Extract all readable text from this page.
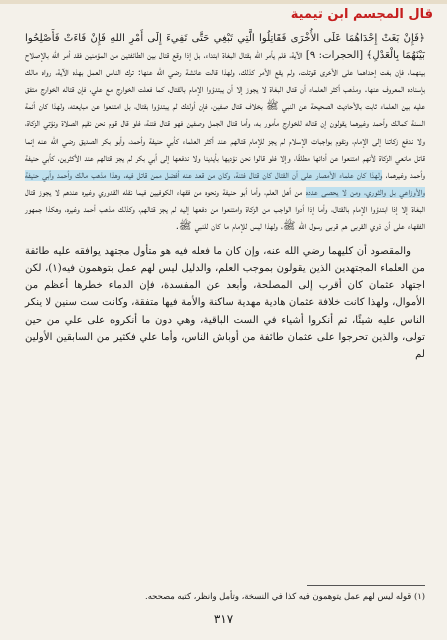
قال المجسم ابن تيمية

﴿فَإِنْ بَغَتْ إِحْدَاهُمَا عَلَى الأُخْرَى فَقَاتِلُوا الَّتِي تَبْغِي حَتَّى تَفِيءَ إِلَى أَمْرِ اللهِ فَإِنْ فَاءَتْ فَأَصْلِحُوا بَيْنَهُمَا بِالْعَدْلِ﴾ [الحجرات: ٩] الآية، فلم يأمر الله بقتال البغاة ابتداء، بل إذا وقع قتال بين الطائفتين من المؤمنين فقد أمر الله بالإصلاح بينهما، فإن بغت إحداهما على الأخرى قوتلت، ولم يقع الأمر كذلك، ولهذا قالت عائشة رضي الله عنها: ترك الناس العمل بهذه الآية، رواه مالك بإسناده المعروف عنها. ومذهب أكثر العلماء أن قتال البغاة لا يجوز إلا أن يبتدؤوا الإمام بالقتال، كما فعلت الخوارج مع علي، فإن قتاله الخوارج متفق عليه بين العلماء ثابت بالأحاديث الصحيحة عن النبي ﷺ بخلاف قتال صفين، فإن أولئك لم يبتدؤوا بقتال، بل امتنعوا عن مبايعته، ولهذا كان أئمة السنة كمالك وأحمد وغيرهما يقولون إن قتاله للخوارج مأمور به، وأما قتال الجمل وصفين فهو قتال فتنة، فلو قال قوم نحن نقيم الصلاة ونؤتي الزكاة، ولا ندفع زكاتنا إلى الإمام، ونقوم بواجبات الإسلام لم يجز للإمام قتالهم عند أكثر العلماء كأبي حنيفة وأحمد، وأبو بكر الصديق رضي الله عنه إنما قاتل مانعي الزكاة لأنهم امتنعوا عن أدائها مطلقًا، وإلا فلو قالوا نحن نؤديها بأيدينا ولا ندفعها إلى أبي بكر لم يجز قتالهم عند الأكثرين، كأبي حنيفة وأحمد وغيرهما، ولهذا كان علماء الأمصار على أن القتال كان قتال فتنة، وكان من قعد عنه أفضل ممن قاتل فيه، وهذا مذهب مالك وأحمد وأبي حنيفة والأوزاعي بل والثوري، ومن لا يحصى عدده من أهل العلم، وأما أبو حنيفة ونحوه من فقهاء الكوفيين فيما نقله القدوري وغيره عندهم لا يجوز قتال البغاة إلا إذا ابتدؤوا الإمام بالقتال، وأما إذا أدوا الواجب من الزكاة وامتنعوا من دفعها إليه لم يجز قتالهم، وكذلك مذهب أحمد وغيره، وهكذا جمهور الفقهاء على أن ذوي القربى هم قربى رسول الله ﷺ، ولهذا ليس للإمام ما كان للنبي ﷺ.

والمقصود أن كليهما رضي الله عنه، وإن كان ما فعله فيه هو متأول مجتهد يوافقه عليه طائفة من العلماء المجتهدين الذين يقولون بموجب العلم، والدليل ليس لهم عمل بتوهمون فيه(١)، لكن اجتهاد عثمان كان أقرب إلى المصلحة، وأبعد عن المفسدة، فإن الدماء خطرها أعظم من الأموال، ولهذا كانت خلافة عثمان هادية مهدية ساكنة والأمة فيها متفقة، وكانت ست سنين لا ينكر الناس عليه شيئًا، ثم أنكروا أشياء في الست الباقية، وهي دون ما أنكروه على علي من حين تولى، والذين تحرجوا على عثمان طائفة من أوباش الناس، وأما علي فكثير من السابقين الأولين لم

(١) قوله ليس لهم عمل يتوهمون فيه كذا في النسخة، وتأمل وانظر، كتبه مصححه.
٣١٧
